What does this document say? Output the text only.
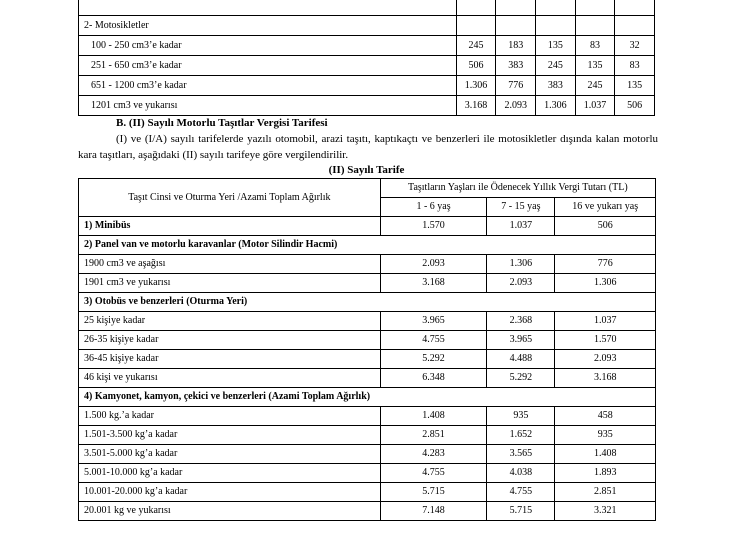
2- Motosikletler					
100 - 250 cm3’e kadar	245	183	135	83	32
251 - 650 cm3’e kadar	506	383	245	135	83
651 - 1200 cm3’e kadar	1.306	776	383	245	135
1201 cm3 ve yukarısı	3.168	2.093	1.306	1.037	506
B. (II) Sayılı Motorlu Taşıtlar Vergisi Tarifesi
(I) ve (I/A) sayılı tarifelerde yazılı otomobil, arazi taşıtı, kaptıkaçtı ve benzerleri ile motosikletler dışında kalan motorlu kara taşıtları, aşağıdaki (II) sayılı tarifeye göre vergilendirilir.
(II) Sayılı Tarife
Taşıt Cinsi ve Oturma Yeri /Azami Toplam Ağırlık	Taşıtların Yaşları ile Ödenecek Yıllık Vergi Tutarı (TL)		
	1 - 6 yaş	7 - 15 yaş	16 ve yukarı yaş
1) Minibüs	1.570	1.037	506
2) Panel van ve motorlu karavanlar (Motor Silindir Hacmi)			
1900 cm3 ve aşağısı	2.093	1.306	776
1901 cm3 ve yukarısı	3.168	2.093	1.306
3) Otobüs ve benzerleri (Oturma Yeri)			
25 kişiye kadar	3.965	2.368	1.037
26-35 kişiye kadar	4.755	3.965	1.570
36-45 kişiye kadar	5.292	4.488	2.093
46 kişi ve yukarısı	6.348	5.292	3.168
4) Kamyonet, kamyon, çekici ve benzerleri (Azami Toplam Ağırlık)			
1.500 kg.’a kadar	1.408	935	458
1.501-3.500 kg’a kadar	2.851	1.652	935
3.501-5.000 kg’a kadar	4.283	3.565	1.408
5.001-10.000 kg’a kadar	4.755	4.038	1.893
10.001-20.000 kg’a kadar	5.715	4.755	2.851
20.001 kg ve yukarısı	7.148	5.715	3.321
